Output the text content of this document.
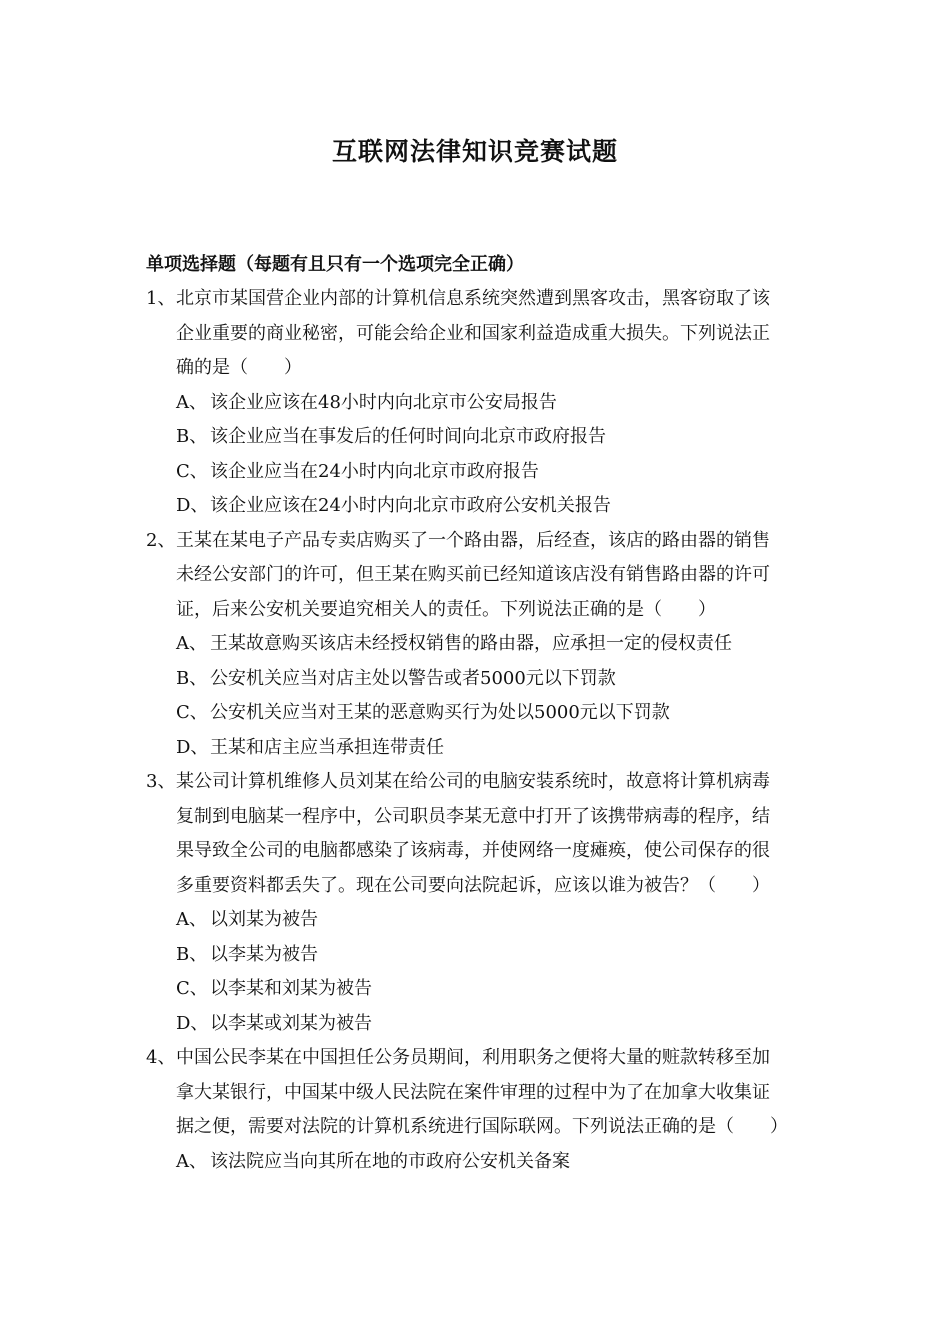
互联网法律知识竞赛试题
单项选择题（每题有且只有一个选项完全正确）
1、 北京市某国营企业内部的计算机信息系统突然遭到黑客攻击，黑客窃取了该
企业重要的商业秘密，可能会给企业和国家利益造成重大损失。下列说法正
确的是（　　）
A、 该企业应该在48小时内向北京市公安局报告
B、 该企业应当在事发后的任何时间向北京市政府报告
C、 该企业应当在24小时内向北京市政府报告
D、 该企业应该在24小时内向北京市政府公安机关报告
2、 王某在某电子产品专卖店购买了一个路由器，后经查，该店的路由器的销售
未经公安部门的许可，但王某在购买前已经知道该店没有销售路由器的许可
证，后来公安机关要追究相关人的责任。下列说法正确的是（　　）
A、 王某故意购买该店未经授权销售的路由器，应承担一定的侵权责任
B、 公安机关应当对店主处以警告或者5000元以下罚款
C、 公安机关应当对王某的恶意购买行为处以5000元以下罚款
D、 王某和店主应当承担连带责任
3、 某公司计算机维修人员刘某在给公司的电脑安装系统时，故意将计算机病毒
复制到电脑某一程序中，公司职员李某无意中打开了该携带病毒的程序，结
果导致全公司的电脑都感染了该病毒，并使网络一度瘫痪，使公司保存的很
多重要资料都丢失了。现在公司要向法院起诉，应该以谁为被告？（　　）
A、 以刘某为被告
B、 以李某为被告
C、 以李某和刘某为被告
D、 以李某或刘某为被告
4、 中国公民李某在中国担任公务员期间，利用职务之便将大量的赃款转移至加
拿大某银行，中国某中级人民法院在案件审理的过程中为了在加拿大收集证
据之便，需要对法院的计算机系统进行国际联网。下列说法正确的是（　　）
A、 该法院应当向其所在地的市政府公安机关备案
